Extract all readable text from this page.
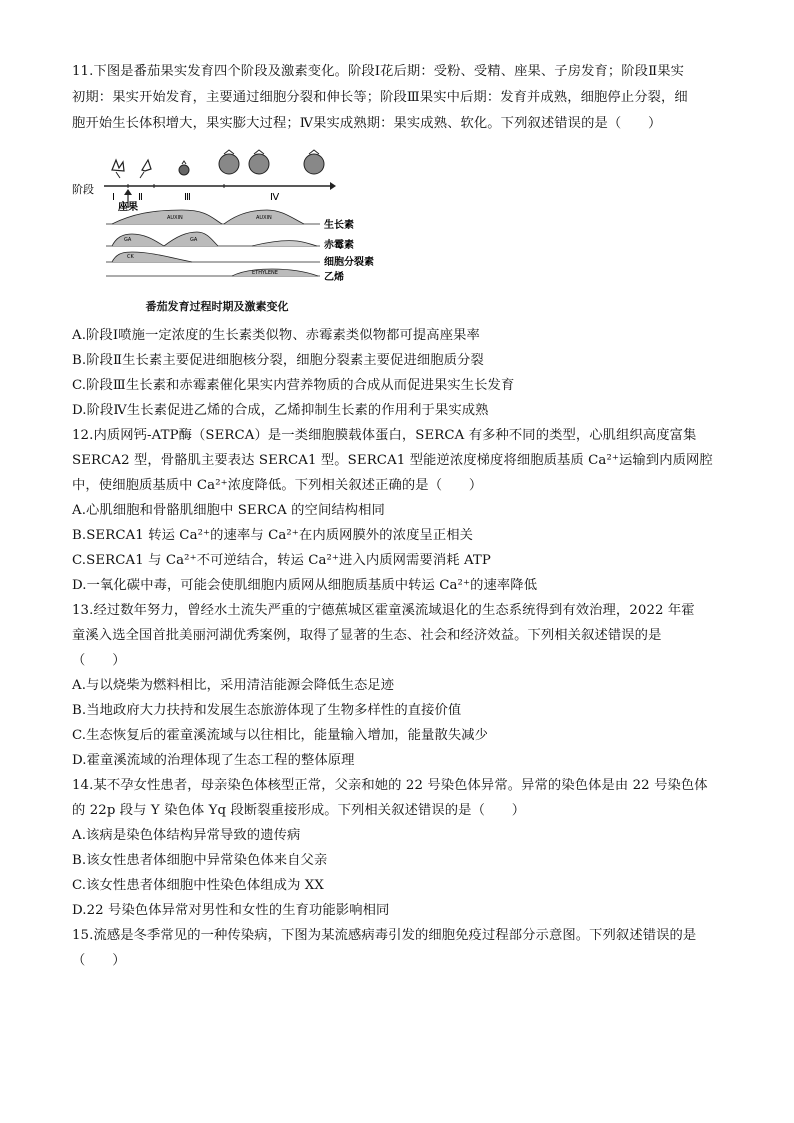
11.下图是番茄果实发育四个阶段及激素变化。阶段Ⅰ花后期：受粉、受精、座果、子房发育；阶段Ⅱ果实
初期：果实开始发育，主要通过细胞分裂和伸长等；阶段Ⅲ果实中后期：发育并成熟，细胞停止分裂，细
胞开始生长体积增大，果实膨大过程；Ⅳ果实成熟期：果实成熟、软化。下列叙述错误的是（　　）
阶段
Ⅰ Ⅱ	Ⅲ	Ⅳ
座果
AUXIN	AUXIN
GA	GA
CK
ETHYLENE
生长素
赤霉素
细胞分裂素
乙烯
番茄发育过程时期及激素变化
A.阶段Ⅰ喷施一定浓度的生长素类似物、赤霉素类似物都可提高座果率
B.阶段Ⅱ生长素主要促进细胞核分裂，细胞分裂素主要促进细胞质分裂
C.阶段Ⅲ生长素和赤霉素催化果实内营养物质的合成从而促进果实生长发育
D.阶段Ⅳ生长素促进乙烯的合成，乙烯抑制生长素的作用利于果实成熟
12.内质网钙-ATP酶（SERCA）是一类细胞膜载体蛋白，SERCA 有多种不同的类型，心肌组织高度富集
SERCA2 型，骨骼肌主要表达 SERCA1 型。SERCA1 型能逆浓度梯度将细胞质基质 Ca²⁺运输到内质网腔
中，使细胞质基质中 Ca²⁺浓度降低。下列相关叙述正确的是（　　）
A.心肌细胞和骨骼肌细胞中 SERCA 的空间结构相同
B.SERCA1 转运 Ca²⁺的速率与 Ca²⁺在内质网膜外的浓度呈正相关
C.SERCA1 与 Ca²⁺不可逆结合，转运 Ca²⁺进入内质网需要消耗 ATP
D.一氧化碳中毒，可能会使肌细胞内质网从细胞质基质中转运 Ca²⁺的速率降低
13.经过数年努力，曾经水土流失严重的宁德蕉城区霍童溪流域退化的生态系统得到有效治理，2022 年霍
童溪入选全国首批美丽河湖优秀案例，取得了显著的生态、社会和经济效益。下列相关叙述错误的是
（　　）
A.与以烧柴为燃料相比，采用清洁能源会降低生态足迹
B.当地政府大力扶持和发展生态旅游体现了生物多样性的直接价值
C.生态恢复后的霍童溪流域与以往相比，能量输入增加，能量散失减少
D.霍童溪流域的治理体现了生态工程的整体原理
14.某不孕女性患者，母亲染色体核型正常，父亲和她的 22 号染色体异常。异常的染色体是由 22 号染色体
的 22p 段与 Y 染色体 Yq 段断裂重接形成。下列相关叙述错误的是（　　）
A.该病是染色体结构异常导致的遗传病
B.该女性患者体细胞中异常染色体来自父亲
C.该女性患者体细胞中性染色体组成为 XX
D.22 号染色体异常对男性和女性的生育功能影响相同
15.流感是冬季常见的一种传染病，下图为某流感病毒引发的细胞免疫过程部分示意图。下列叙述错误的是
（　　）
